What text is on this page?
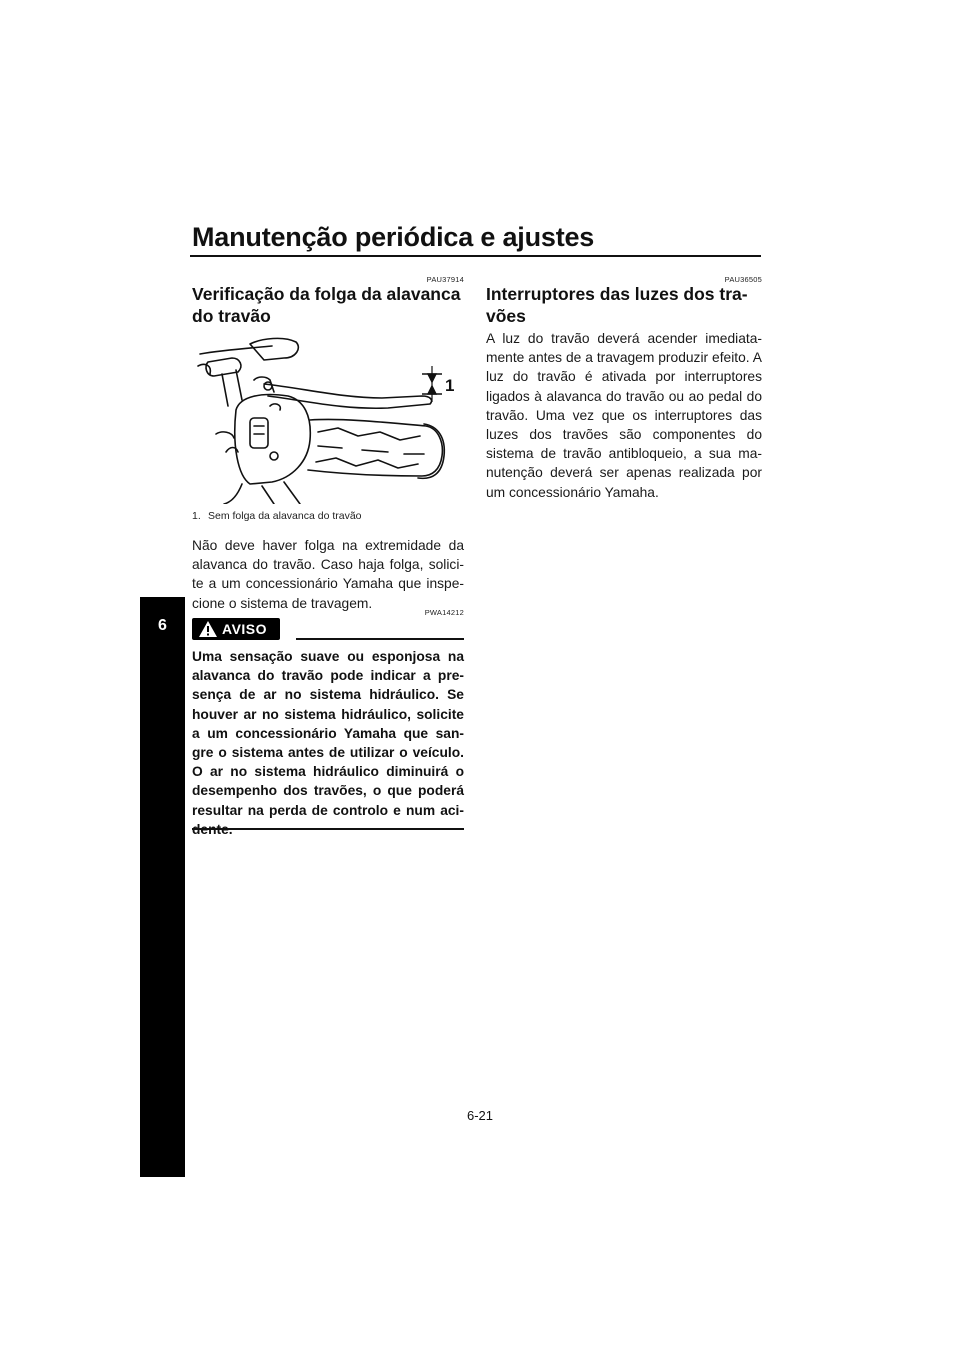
Manutenção periódica e ajustes
6
PAU37914
Verificação da folga da alavanca do travão
1
1. Sem folga da alavanca do travão

Não deve haver folga na extremidade da alavanca do travão. Caso haja folga, solici-te a um concessionário Yamaha que inspe-cione o sistema de travagem.

PWA14212
AVISO

Uma sensação suave ou esponjosa na alavanca do travão pode indicar a pre-sença de ar no sistema hidráulico. Se houver ar no sistema hidráulico, solicite a um concessionário Yamaha que san-gre o sistema antes de utilizar o veículo. O ar no sistema hidráulico diminuirá o desempenho dos travões, o que poderá resultar na perda de controlo e num aci-

PAU36505
Interruptores das luzes dos tra-vões

A luz do travão deverá acender imediata-mente antes de a travagem produzir efeito. A luz do travão é ativada por interruptores ligados à alavanca do travão ou ao pedal do travão. Uma vez que os interruptores das luzes dos travões são componentes do sistema de travão antibloqueio, a sua ma-nutenção deverá ser apenas realizada por um concessionário Yamaha.

6-21
